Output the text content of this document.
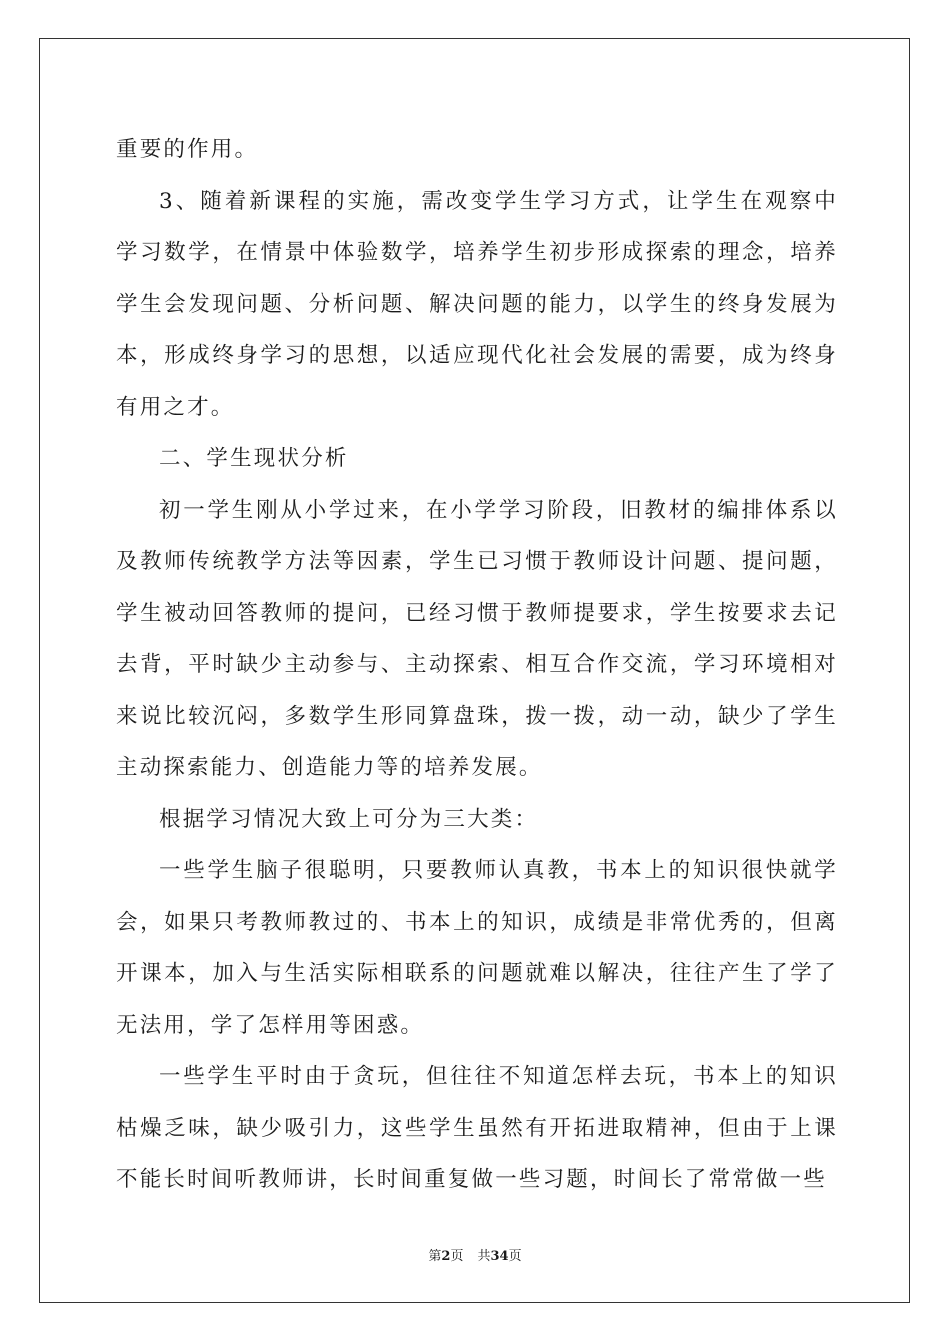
重要的作用。

3、随着新课程的实施，需改变学生学习方式，让学生在观察中学习数学，在情景中体验数学，培养学生初步形成探索的理念，培养学生会发现问题、分析问题、解决问题的能力，以学生的终身发展为本，形成终身学习的思想，以适应现代化社会发展的需要，成为终身有用之才。

二、学生现状分析

初一学生刚从小学过来，在小学学习阶段，旧教材的编排体系以及教师传统教学方法等因素，学生已习惯于教师设计问题、提问题，学生被动回答教师的提问，已经习惯于教师提要求，学生按要求去记去背，平时缺少主动参与、主动探索、相互合作交流，学习环境相对来说比较沉闷，多数学生形同算盘珠，拨一拨，动一动，缺少了学生主动探索能力、创造能力等的培养发展。

根据学习情况大致上可分为三大类：

一些学生脑子很聪明，只要教师认真教，书本上的知识很快就学会，如果只考教师教过的、书本上的知识，成绩是非常优秀的，但离开课本，加入与生活实际相联系的问题就难以解决，往往产生了学了无法用，学了怎样用等困惑。

一些学生平时由于贪玩，但往往不知道怎样去玩，书本上的知识枯燥乏味，缺少吸引力，这些学生虽然有开拓进取精神，但由于上课不能长时间听教师讲，长时间重复做一些习题，时间长了常常做一些

第2页 共34页
